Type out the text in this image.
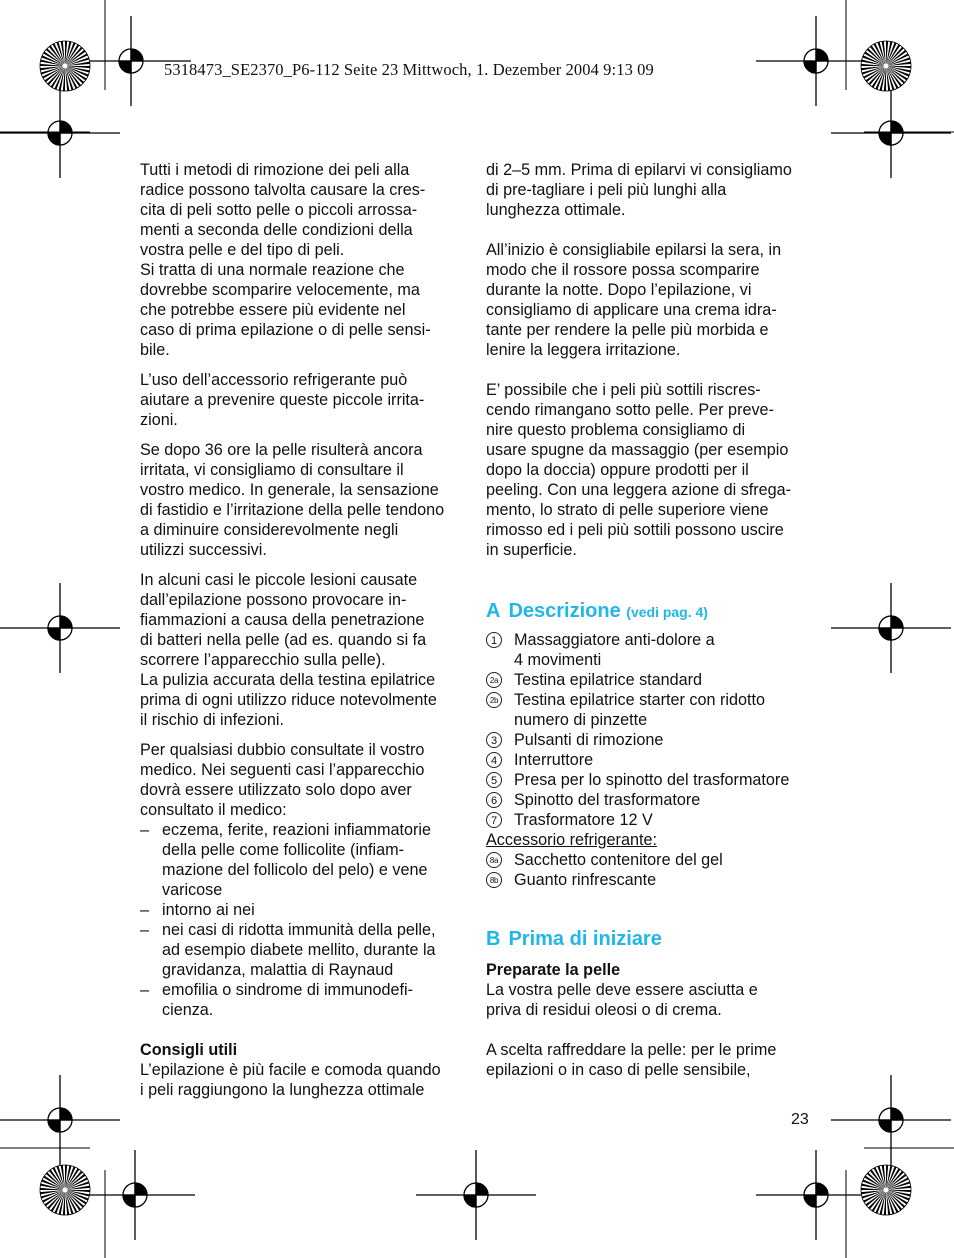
5318473_SE2370_P6-112 Seite 23 Mittwoch, 1. Dezember 2004 9:13 09
Tutti i metodi di rimozione dei peli alla
radice possono talvolta causare la cres-
cita di peli sotto pelle o piccoli arrossa-
menti a seconda delle condizioni della
vostra pelle e del tipo di peli.
Si tratta di una normale reazione che
dovrebbe scomparire velocemente, ma
che potrebbe essere più evidente nel
caso di prima epilazione o di pelle sensi-
bile.
L’uso dell’accessorio refrigerante può
aiutare a prevenire queste piccole irrita-
zioni.
Se dopo 36 ore la pelle risulterà ancora
irritata, vi consigliamo di consultare il
vostro medico. In generale, la sensazione
di fastidio e l’irritazione della pelle tendono
a diminuire considerevolmente negli
utilizzi successivi.
In alcuni casi le piccole lesioni causate
dall’epilazione possono provocare in-
fiammazioni a causa della penetrazione
di batteri nella pelle (ad es. quando si fa
scorrere l’apparecchio sulla pelle).
La pulizia accurata della testina epilatrice
prima di ogni utilizzo riduce notevolmente
il rischio di infezioni.
Per qualsiasi dubbio consultate il vostro
medico. Nei seguenti casi l’apparecchio
dovrà essere utilizzato solo dopo aver
consultato il medico:
– eczema, ferite, reazioni infiammatorie
della pelle come follicolite (infiam-
mazione del follicolo del pelo) e vene
varicose
– intorno ai nei
– nei casi di ridotta immunità della pelle,
ad esempio diabete mellito, durante la
gravidanza, malattia di Raynaud
– emofilia o sindrome di immunodefi-
cienza.
Consigli utili
L’epilazione è più facile e comoda quando
i peli raggiungono la lunghezza ottimale
di 2–5 mm. Prima di epilarvi vi consigliamo
di pre-tagliare i peli più lunghi alla
lunghezza ottimale.
All’inizio è consigliabile epilarsi la sera, in
modo che il rossore possa scomparire
durante la notte. Dopo l’epilazione, vi
consigliamo di applicare una crema idra-
tante per rendere la pelle più morbida e
lenire la leggera irritazione.
E’ possibile che i peli più sottili riscres-
cendo rimangano sotto pelle. Per preve-
nire questo problema consigliamo di
usare spugne da massaggio (per esempio
dopo la doccia) oppure prodotti per il
peeling. Con una leggera azione di sfrega-
mento, lo strato di pelle superiore viene
rimosso ed i peli più sottili possono uscire
in superficie.
A Descrizione (vedi pag. 4)
1	Massaggiatore anti-dolore a
4 movimenti
2a Testina epilatrice standard
2b Testina epilatrice starter con ridotto
numero di pinzette
3	Pulsanti di rimozione
4	Interruttore
5	Presa per lo spinotto del trasformatore
6	Spinotto del trasformatore
7	Trasformatore 12 V
Accessorio refrigerante:
8a Sacchetto contenitore del gel
8b Guanto rinfrescante
B Prima di iniziare
Preparate la pelle
La vostra pelle deve essere asciutta e
priva di residui oleosi o di crema.
A scelta raffreddare la pelle: per le prime
epilazioni o in caso di pelle sensibile,
23
